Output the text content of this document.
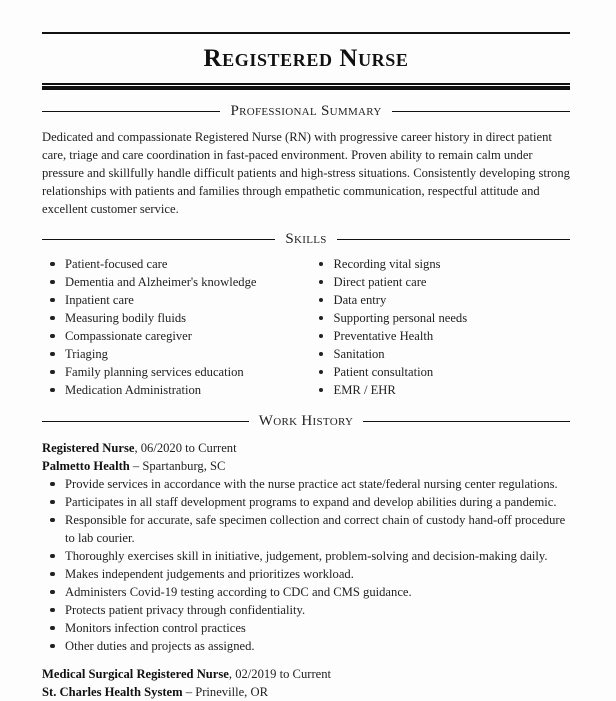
Registered Nurse
Professional Summary

Dedicated and compassionate Registered Nurse (RN) with progressive career history in direct patient care, triage and care coordination in fast-paced environment. Proven ability to remain calm under pressure and skillfully handle difficult patients and high-stress situations. Consistently developing strong relationships with patients and families through empathetic communication, respectful attitude and excellent customer service.

Skills
Patient-focused care
Dementia and Alzheimer's knowledge
Inpatient care
Measuring bodily fluids
Compassionate caregiver
Triaging
Family planning services education
Medication Administration
Recording vital signs
Direct patient care
Data entry
Supporting personal needs
Preventative Health
Sanitation
Patient consultation
EMR / EHR
Work History
Registered Nurse, 06/2020 to Current
Palmetto Health – Spartanburg, SC
Provide services in accordance with the nurse practice act state/federal nursing center regulations.
Participates in all staff development programs to expand and develop abilities during a pandemic.
Responsible for accurate, safe specimen collection and correct chain of custody hand-off procedure to lab courier.
Thoroughly exercises skill in initiative, judgement, problem-solving and decision-making daily.
Makes independent judgements and prioritizes workload.
Administers Covid-19 testing according to CDC and CMS guidance.
Protects patient privacy through confidentiality.
Monitors infection control practices
Other duties and projects as assigned.
Medical Surgical Registered Nurse, 02/2019 to Current
St. Charles Health System – Prineville, OR
